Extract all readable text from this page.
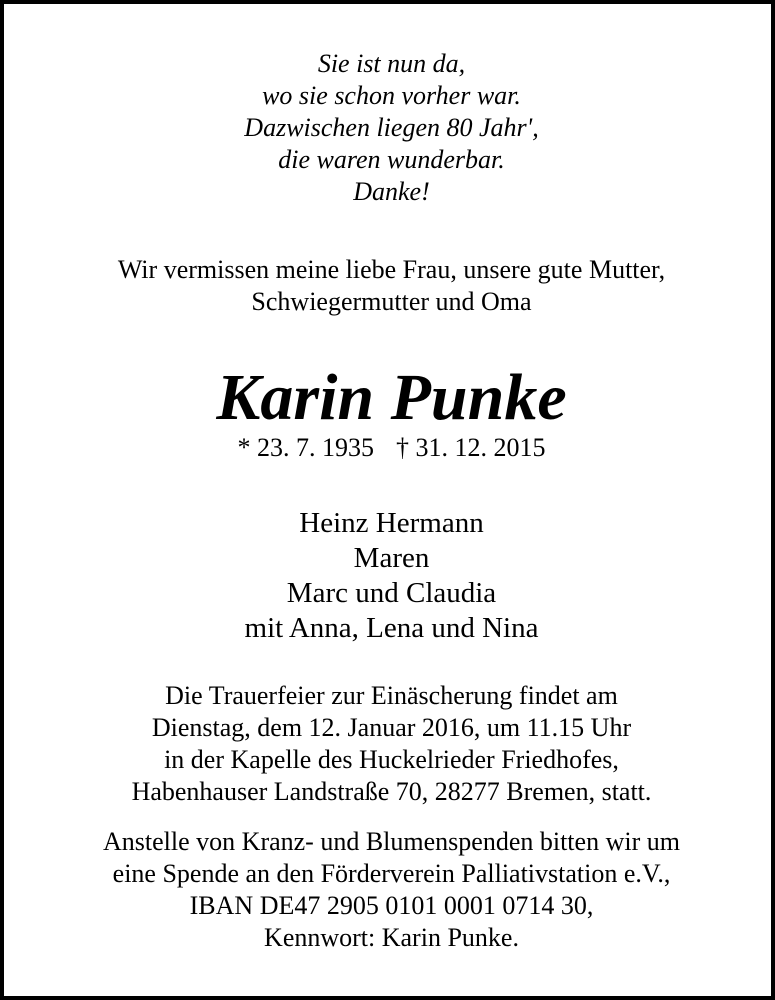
Sie ist nun da,
wo sie schon vorher war.
Dazwischen liegen 80 Jahr',
die waren wunderbar.
Danke!
Wir vermissen meine liebe Frau, unsere gute Mutter,
Schwiegermutter und Oma
Karin Punke
* 23. 7. 1935 † 31. 12. 2015
Heinz Hermann
Maren
Marc und Claudia
mit Anna, Lena und Nina
Die Trauerfeier zur Einäscherung findet am
Dienstag, dem 12. Januar 2016, um 11.15 Uhr
in der Kapelle des Huckelrieder Friedhofes,
Habenhauser Landstraße 70, 28277 Bremen, statt.
Anstelle von Kranz- und Blumenspenden bitten wir um
eine Spende an den Förderverein Palliativstation e.V.,
IBAN DE47 2905 0101 0001 0714 30,
Kennwort: Karin Punke.
